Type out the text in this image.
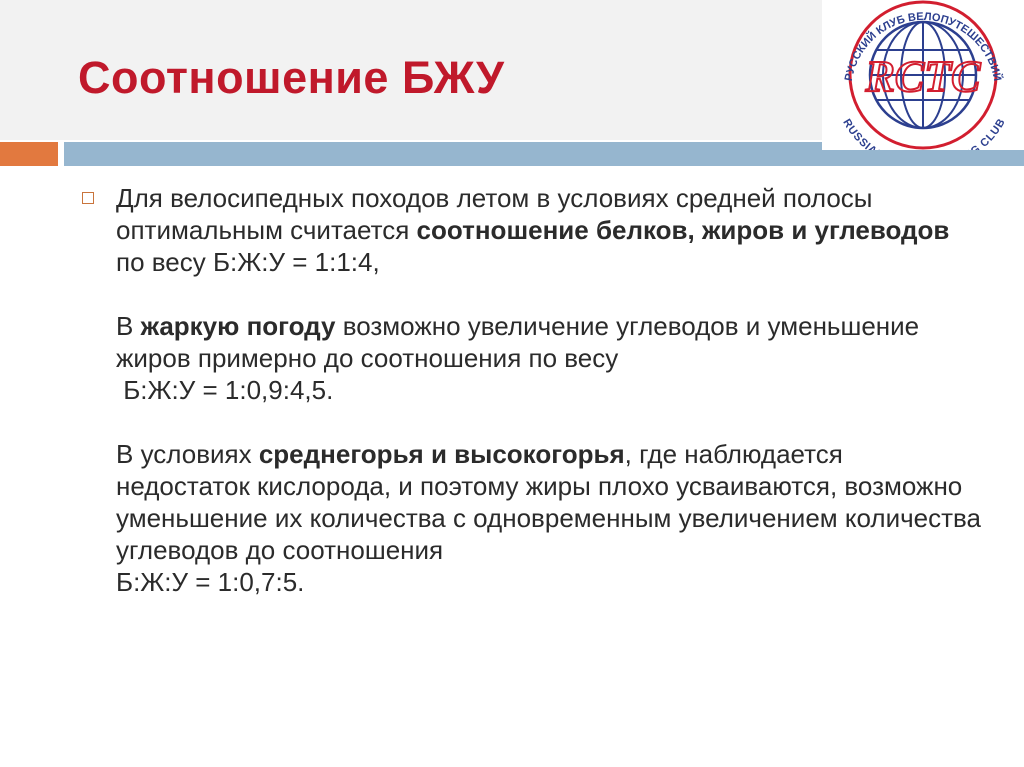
Соотношение БЖУ	РУССКИЙ КЛУБ ВЕЛОПУТЕШЕСТВИЙ
RUSSI CLUB
RCTC
Для велосипедных походов летом в условиях средней полосы оптимальным считается соотношение белков, жиров и углеводов по весу Б:Ж:У = 1:1:4,
В жаркую погоду возможно увеличение углеводов и уменьшение жиров примерно до соотношения по весу
Б:Ж:У = 1:0,9:4,5.
В условиях среднегорья и высокогорья, где наблюдается недостаток кислорода, и поэтому жиры плохо усваиваются, возможно уменьшение их количества с одновременным увеличением количества углеводов до соотношения
Б:Ж:У = 1:0,7:5.
